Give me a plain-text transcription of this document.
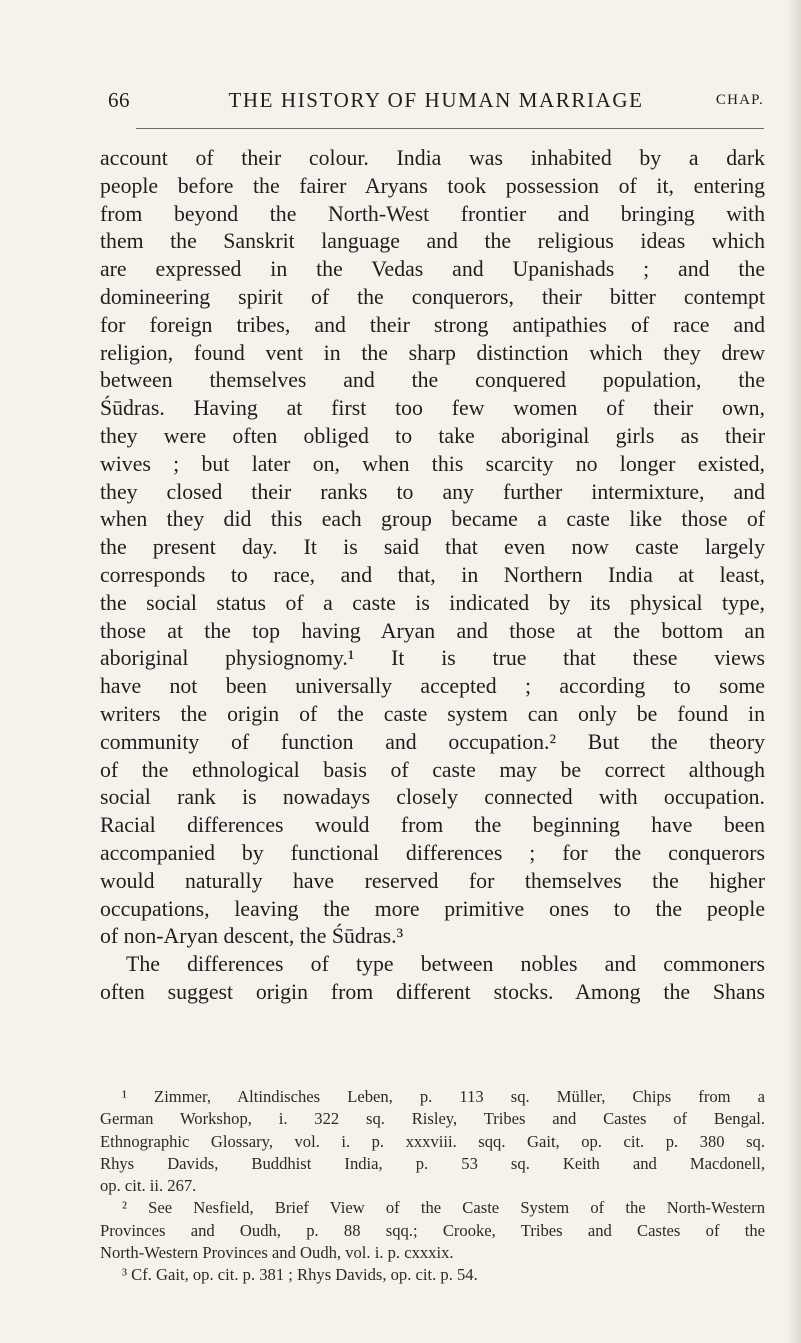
66	THE HISTORY OF HUMAN MARRIAGE	CHAP.
account of their colour. India was inhabited by a dark
people before the fairer Aryans took possession of it, entering
from beyond the North-West frontier and bringing with
them the Sanskrit language and the religious ideas which
are expressed in the Vedas and Upanishads ; and the
domineering spirit of the conquerors, their bitter contempt
for foreign tribes, and their strong antipathies of race and
religion, found vent in the sharp distinction which they drew
between themselves and the conquered population, the
Śūdras. Having at first too few women of their own,
they were often obliged to take aboriginal girls as their
wives ; but later on, when this scarcity no longer existed,
they closed their ranks to any further intermixture, and
when they did this each group became a caste like those of
the present day. It is said that even now caste largely
corresponds to race, and that, in Northern India at least,
the social status of a caste is indicated by its physical type,
those at the top having Aryan and those at the bottom an
aboriginal physiognomy.¹ It is true that these views
have not been universally accepted ; according to some
writers the origin of the caste system can only be found in
community of function and occupation.² But the theory
of the ethnological basis of caste may be correct although
social rank is nowadays closely connected with occupation.
Racial differences would from the beginning have been
accompanied by functional differences ; for the conquerors
would naturally have reserved for themselves the higher
occupations, leaving the more primitive ones to the people
of non-Aryan descent, the Śūdras.³
The differences of type between nobles and commoners
often suggest origin from different stocks. Among the Shans
¹ Zimmer, Altindisches Leben, p. 113 sq. Müller, Chips from a
German Workshop, i. 322 sq. Risley, Tribes and Castes of Bengal.
Ethnographic Glossary, vol. i. p. xxxviii. sqq. Gait, op. cit. p. 380 sq.
Rhys Davids, Buddhist India, p. 53 sq. Keith and Macdonell,
op. cit. ii. 267.
² See Nesfield, Brief View of the Caste System of the North-Western
Provinces and Oudh, p. 88 sqq.; Crooke, Tribes and Castes of the
North-Western Provinces and Oudh, vol. i. p. cxxxix.
³ Cf. Gait, op. cit. p. 381 ; Rhys Davids, op. cit. p. 54.
